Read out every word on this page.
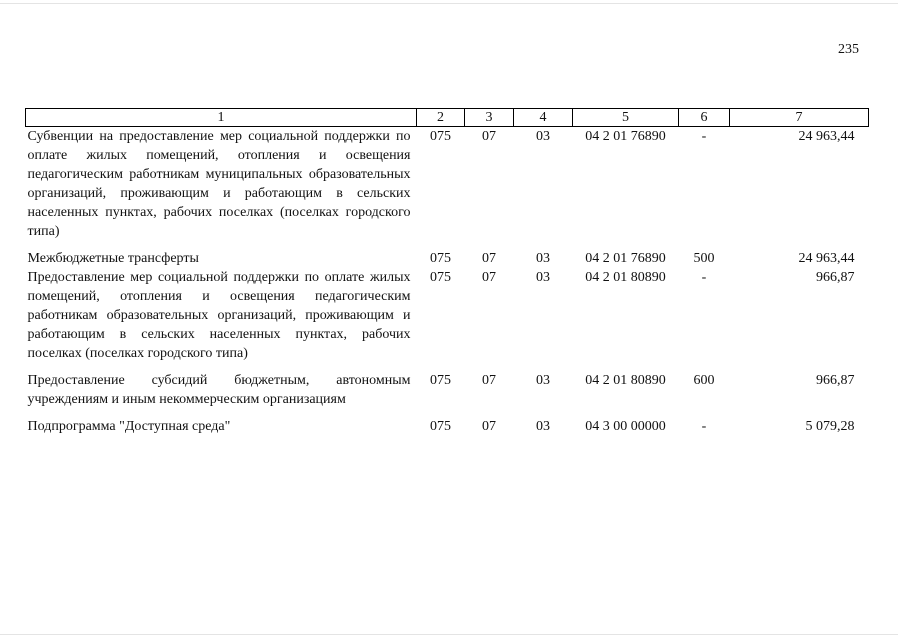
235
1	2	3	4	5	6	7
Субвенции на предоставление мер социальной поддержки по оплате жилых помещений, отопления и освещения педагогическим работникам муниципальных образовательных организаций, проживающим и работающим в сельских населенных пунктах, рабочих поселках (поселках городского типа)	075	07	03	04 2 01 76890	-	24 963,44
Межбюджетные трансферты	075	07	03	04 2 01 76890	500	24 963,44
Предоставление мер социальной поддержки по оплате жилых помещений, отопления и освещения педагогическим работникам образовательных организаций, проживающим и работающим в сельских населенных пунктах, рабочих поселках (поселках городского типа)	075	07	03	04 2 01 80890	-	966,87
Предоставление субсидий бюджетным, автономным учреждениям и иным некоммерческим организациям	075	07	03	04 2 01 80890	600	966,87
Подпрограмма "Доступная среда"	075	07	03	04 3 00 00000	-	5 079,28
